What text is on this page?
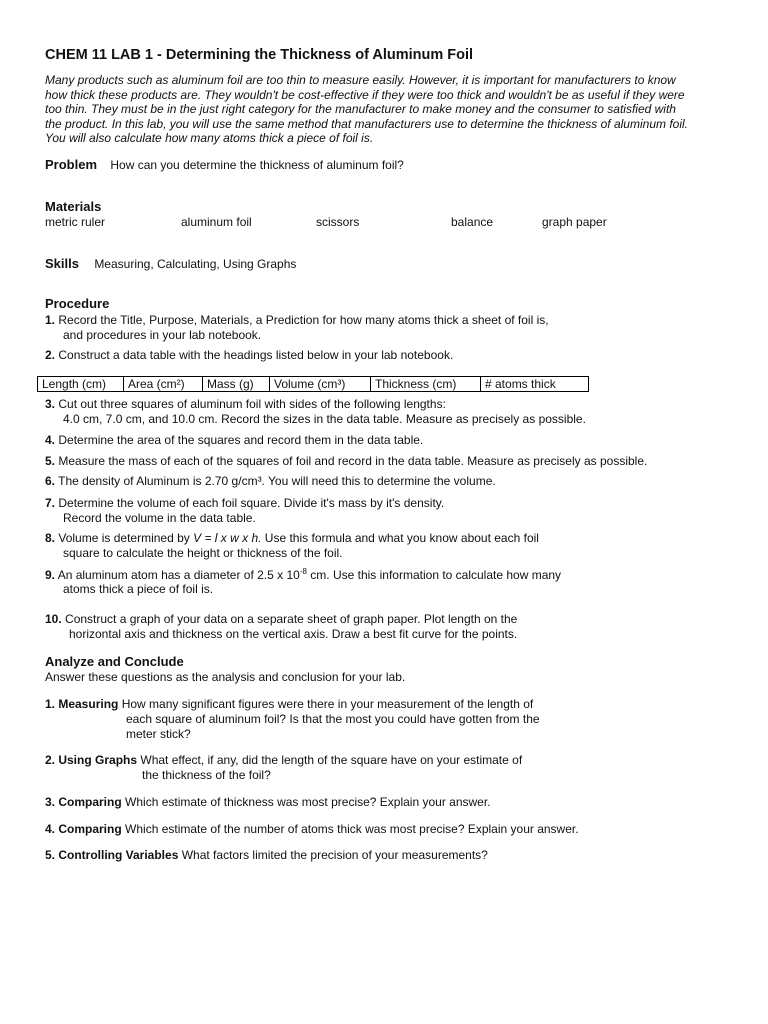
CHEM 11 LAB 1 - Determining the Thickness of Aluminum Foil
Many products such as aluminum foil are too thin to measure easily. However, it is important for manufacturers to know
how thick these products are. They wouldn't be cost-effective if they were too thick and wouldn't be as useful if they were
too thin. They must be in the just right category for the manufacturer to make money and the consumer to satisfied with
the product. In this lab, you will use the same method that manufacturers use to determine the thickness of aluminum foil.
You will also calculate how many atoms thick a piece of foil is.
Problem How can you determine the thickness of aluminum foil?
Materials
metric ruler	aluminum foil	scissors	balance	graph paper
Skills Measuring, Calculating, Using Graphs
Procedure
1. Record the Title, Purpose, Materials, a Prediction for how many atoms thick a sheet of foil is,
and procedures in your lab notebook.
2. Construct a data table with the headings listed below in your lab notebook.
Length (cm)	Area (cm²)	Mass (g)	Volume (cm³)	Thickness (cm)	# atoms thick
3. Cut out three squares of aluminum foil with sides of the following lengths:
4.0 cm, 7.0 cm, and 10.0 cm. Record the sizes in the data table. Measure as precisely as possible.
4. Determine the area of the squares and record them in the data table.
5. Measure the mass of each of the squares of foil and record in the data table. Measure as precisely as possible.
6. The density of Aluminum is 2.70 g/cm³. You will need this to determine the volume.
7. Determine the volume of each foil square. Divide it's mass by it's density.
Record the volume in the data table.
8. Volume is determined by V = l x w x h. Use this formula and what you know about each foil
square to calculate the height or thickness of the foil.
9. An aluminum atom has a diameter of 2.5 x $10^{-8}$ cm. Use this information to calculate how many
atoms thick a piece of foil is.
10. Construct a graph of your data on a separate sheet of graph paper. Plot length on the
horizontal axis and thickness on the vertical axis. Draw a best fit curve for the points.
Analyze and Conclude
Answer these questions as the analysis and conclusion for your lab.
1. Measuring How many significant figures were there in your measurement of the length of
each square of aluminum foil? Is that the most you could have gotten from the
meter stick?
2. Using Graphs What effect, if any, did the length of the square have on your estimate of
the thickness of the foil?
3. Comparing Which estimate of thickness was most precise? Explain your answer.
4. Comparing Which estimate of the number of atoms thick was most precise? Explain your answer.
5. Controlling Variables What factors limited the precision of your measurements?
